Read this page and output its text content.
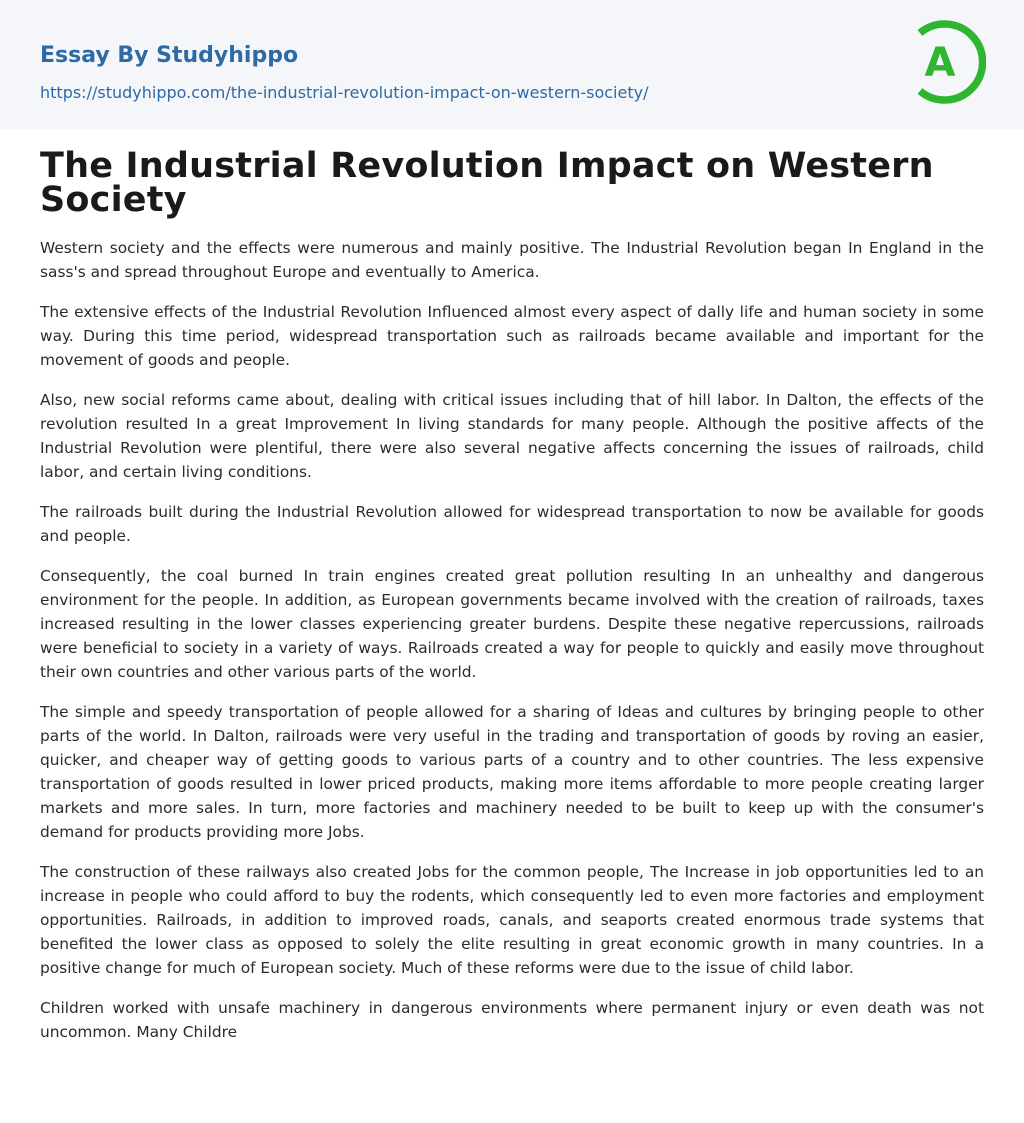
Essay By Studyhippo
https://studyhippo.com/the-industrial-revolution-impact-on-western-society/
A
The Industrial Revolution Impact on Western Society

Western society and the effects were numerous and mainly positive. The Industrial Revolution began In England in the sass's and spread throughout Europe and eventually to America.

The extensive effects of the Industrial Revolution Influenced almost every aspect of dally life and human society in some way. During this time period, widespread transportation such as railroads became available and important for the movement of goods and people.

Also, new social reforms came about, dealing with critical issues including that of hill labor. In Dalton, the effects of the revolution resulted In a great Improvement In living standards for many people. Although the positive affects of the Industrial Revolution were plentiful, there were also several negative affects concerning the issues of railroads, child labor, and certain living conditions.

The railroads built during the Industrial Revolution allowed for widespread transportation to now be available for goods and people.

Consequently, the coal burned In train engines created great pollution resulting In an unhealthy and dangerous environment for the people. In addition, as European governments became involved with the creation of railroads, taxes increased resulting in the lower classes experiencing greater burdens. Despite these negative repercussions, railroads were beneficial to society in a variety of ways. Railroads created a way for people to quickly and easily move throughout their own countries and other various parts of the world.

The simple and speedy transportation of people allowed for a sharing of Ideas and cultures by bringing people to other parts of the world. In Dalton, railroads were very useful in the trading and transportation of goods by roving an easier, quicker, and cheaper way of getting goods to various parts of a country and to other countries. The less expensive transportation of goods resulted in lower priced products, making more items affordable to more people creating larger markets and more sales. In turn, more factories and machinery needed to be built to keep up with the consumer's demand for products providing more Jobs.

The construction of these railways also created Jobs for the common people, The Increase in job opportunities led to an increase in people who could afford to buy the rodents, which consequently led to even more factories and employment opportunities. Railroads, in addition to improved roads, canals, and seaports created enormous trade systems that benefited the lower class as opposed to solely the elite resulting in great economic growth in many countries. In a positive change for much of European society. Much of these reforms were due to the issue of child labor.

Children worked with unsafe machinery in dangerous environments where permanent injury or even death was not uncommon. Many Childre
